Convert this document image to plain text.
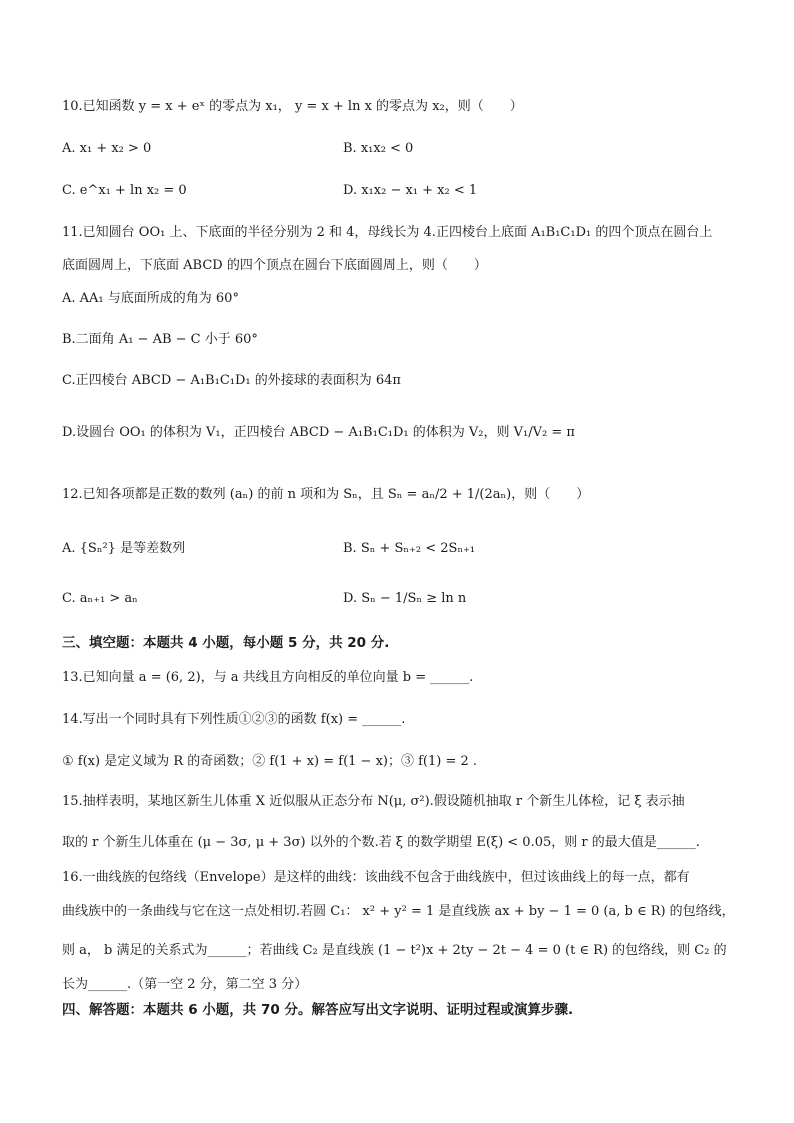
10.已知函数 y = x + eˣ 的零点为 x₁， y = x + ln x 的零点为 x₂，则（　　）
A. x₁ + x₂ > 0	B. x₁x₂ < 0
C. e^x₁ + ln x₂ = 0	D. x₁x₂ − x₁ + x₂ < 1
11.已知圆台 OO₁ 上、下底面的半径分别为 2 和 4，母线长为 4.正四棱台上底面 A₁B₁C₁D₁ 的四个顶点在圆台上
底面圆周上，下底面 ABCD 的四个顶点在圆台下底面圆周上，则（　　）
A. AA₁ 与底面所成的角为 60°
B.二面角 A₁ − AB − C 小于 60°
C.正四棱台 ABCD − A₁B₁C₁D₁ 的外接球的表面积为 64π
D.设圆台 OO₁ 的体积为 V₁，正四棱台 ABCD − A₁B₁C₁D₁ 的体积为 V₂，则 V₁/V₂ = π
12.已知各项都是正数的数列 (aₙ) 的前 n 项和为 Sₙ，且 Sₙ = aₙ/2 + 1/(2aₙ)，则（　　）
A. {Sₙ²} 是等差数列	B. Sₙ + Sₙ₊₂ < 2Sₙ₊₁
C. aₙ₊₁ > aₙ	D. Sₙ − 1/Sₙ ≥ ln n
三、填空题：本题共 4 小题，每小题 5 分，共 20 分.
13.已知向量 a = (6, 2)，与 a 共线且方向相反的单位向量 b = ______.
14.写出一个同时具有下列性质①②③的函数 f(x) = ______.
① f(x) 是定义域为 R 的奇函数；② f(1 + x) = f(1 − x)；③ f(1) = 2 .
15.抽样表明，某地区新生儿体重 X 近似服从正态分布 N(μ, σ²).假设随机抽取 r 个新生儿体检，记 ξ 表示抽
取的 r 个新生儿体重在 (μ − 3σ, μ + 3σ) 以外的个数.若 ξ 的数学期望 E(ξ) < 0.05，则 r 的最大值是______.
16.一曲线族的包络线（Envelope）是这样的曲线：该曲线不包含于曲线族中，但过该曲线上的每一点，都有
曲线族中的一条曲线与它在这一点处相切.若圆 C₁： x² + y² = 1 是直线族 ax + by − 1 = 0 (a, b ∈ R) 的包络线，
则 a， b 满足的关系式为______；若曲线 C₂ 是直线族 (1 − t²)x + 2ty − 2t − 4 = 0 (t ∈ R) 的包络线，则 C₂ 的
长为______.（第一空 2 分，第二空 3 分）
四、解答题：本题共 6 小题，共 70 分。解答应写出文字说明、证明过程或演算步骤.
